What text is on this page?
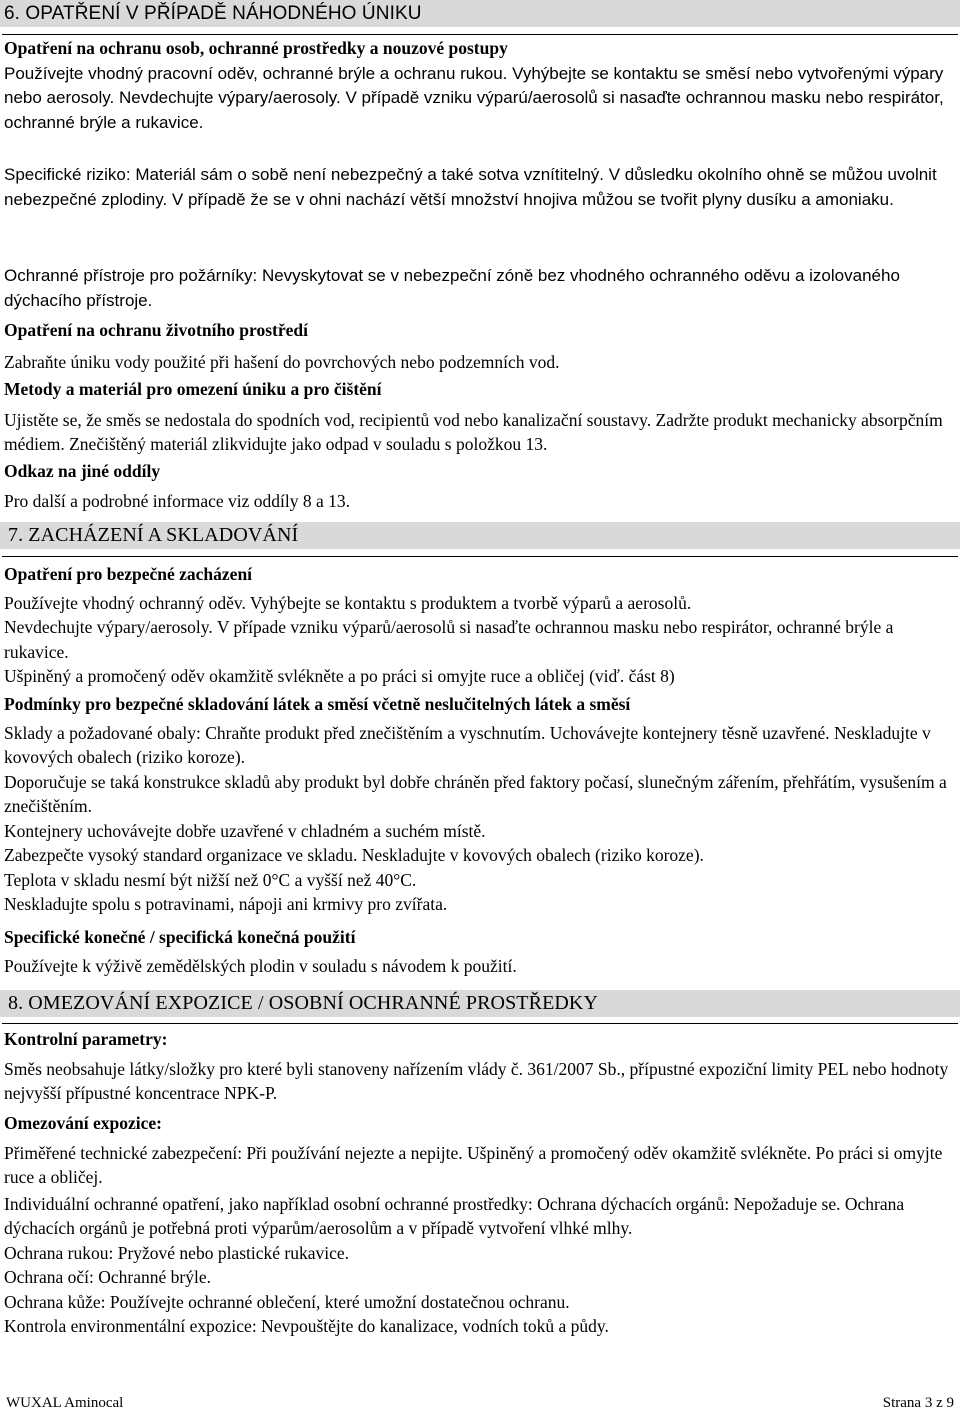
6. OPATŘENÍ V PŘÍPADĚ NÁHODNÉHO ÚNIKU

Opatření na ochranu osob, ochranné prostředky a nouzové postupy

Používejte vhodný pracovní oděv, ochranné brýle a ochranu rukou. Vyhýbejte se kontaktu se směsí nebo vytvořenými výpary nebo aerosoly. Nevdechujte výpary/aerosoly. V případě vzniku výparú/aerosolů si nasaďte ochrannou masku nebo respirátor, ochranné brýle a rukavice.

Specifické riziko: Materiál sám o sobě není nebezpečný a také sotva vznítitelný. V důsledku okolního ohně se můžou uvolnit nebezpečné zplodiny. V případě že se v ohni nachází větší množství hnojiva můžou se tvořit plyny dusíku a amoniaku.

Ochranné přístroje pro požárníky: Nevyskytovat se v nebezpeční zóně bez vhodného ochranného oděvu a izolovaného dýchacího přístroje.

Opatření na ochranu životního prostředí

Zabraňte úniku vody použité při hašení do povrchových nebo podzemních vod.

Metody a materiál pro omezení úniku a pro čištění

Ujistěte se, že směs se nedostala do spodních vod, recipientů vod nebo kanalizační soustavy. Zadržte produkt mechanicky absorpčním médiem. Znečištěný materiál zlikvidujte jako odpad v souladu s položkou 13.

Odkaz na jiné oddíly

Pro další a podrobné informace viz oddíly 8 a 13.

7. ZACHÁZENÍ A SKLADOVÁNÍ

Opatření pro bezpečné zacházení

Používejte vhodný ochranný oděv. Vyhýbejte se kontaktu s produktem a tvorbě výparů a aerosolů.

Nevdechujte výpary/aerosoly. V případe vzniku výparů/aerosolů si nasaďte ochrannou masku nebo respirátor, ochranné brýle a rukavice.

Ušpiněný a promočený oděv okamžitě svlékněte a po práci si omyjte ruce a obličej (viď. část 8)

Podmínky pro bezpečné skladování látek a směsí včetně neslučitelných látek a směsí

Sklady a požadované obaly: Chraňte produkt před znečištěním a vyschnutím. Uchovávejte kontejnery těsně uzavřené. Neskladujte v kovových obalech (riziko koroze).

Doporučuje se taká konstrukce skladů aby produkt byl dobře chráněn před faktory počasí, slunečným zářením, přehřátím, vysušením a znečištěním.

Kontejnery uchovávejte dobře uzavřené v chladném a suchém místě.

Zabezpečte vysoký standard organizace ve skladu. Neskladujte v kovových obalech (riziko koroze).

Teplota v skladu nesmí být nižší než 0°C a vyšší než 40°C.

Neskladujte spolu s potravinami, nápoji ani krmivy pro zvířata.

Specifické konečné / specifická konečná použití

Používejte k výživě zemědělských plodin v souladu s návodem k použití.

8. OMEZOVÁNÍ EXPOZICE / OSOBNÍ OCHRANNÉ PROSTŘEDKY

Kontrolní parametry:

Směs neobsahuje látky/složky pro které byli stanoveny nařízením vlády č. 361/2007 Sb., přípustné expoziční limity PEL nebo hodnoty nejvyšší přípustné koncentrace NPK-P.

Omezování expozice:

Přiměřené technické zabezpečení: Při používání nejezte a nepijte. Ušpiněný a promočený oděv okamžitě svlékněte. Po práci si omyjte ruce a obličej.

Individuální ochranné opatření, jako například osobní ochranné prostředky: Ochrana dýchacích orgánů: Nepožaduje se. Ochrana dýchacích orgánů je potřebná proti výparům/aerosolům a v případě vytvoření vlhké mlhy.

Ochrana rukou: Pryžové nebo plastické rukavice.

Ochrana očí: Ochranné brýle.

Ochrana kůže: Používejte ochranné oblečení, které umožní dostatečnou ochranu.

Kontrola environmentální expozice: Nevpouštějte do kanalizace, vodních toků a půdy.

WUXAL Aminocal	Strana 3 z 9
